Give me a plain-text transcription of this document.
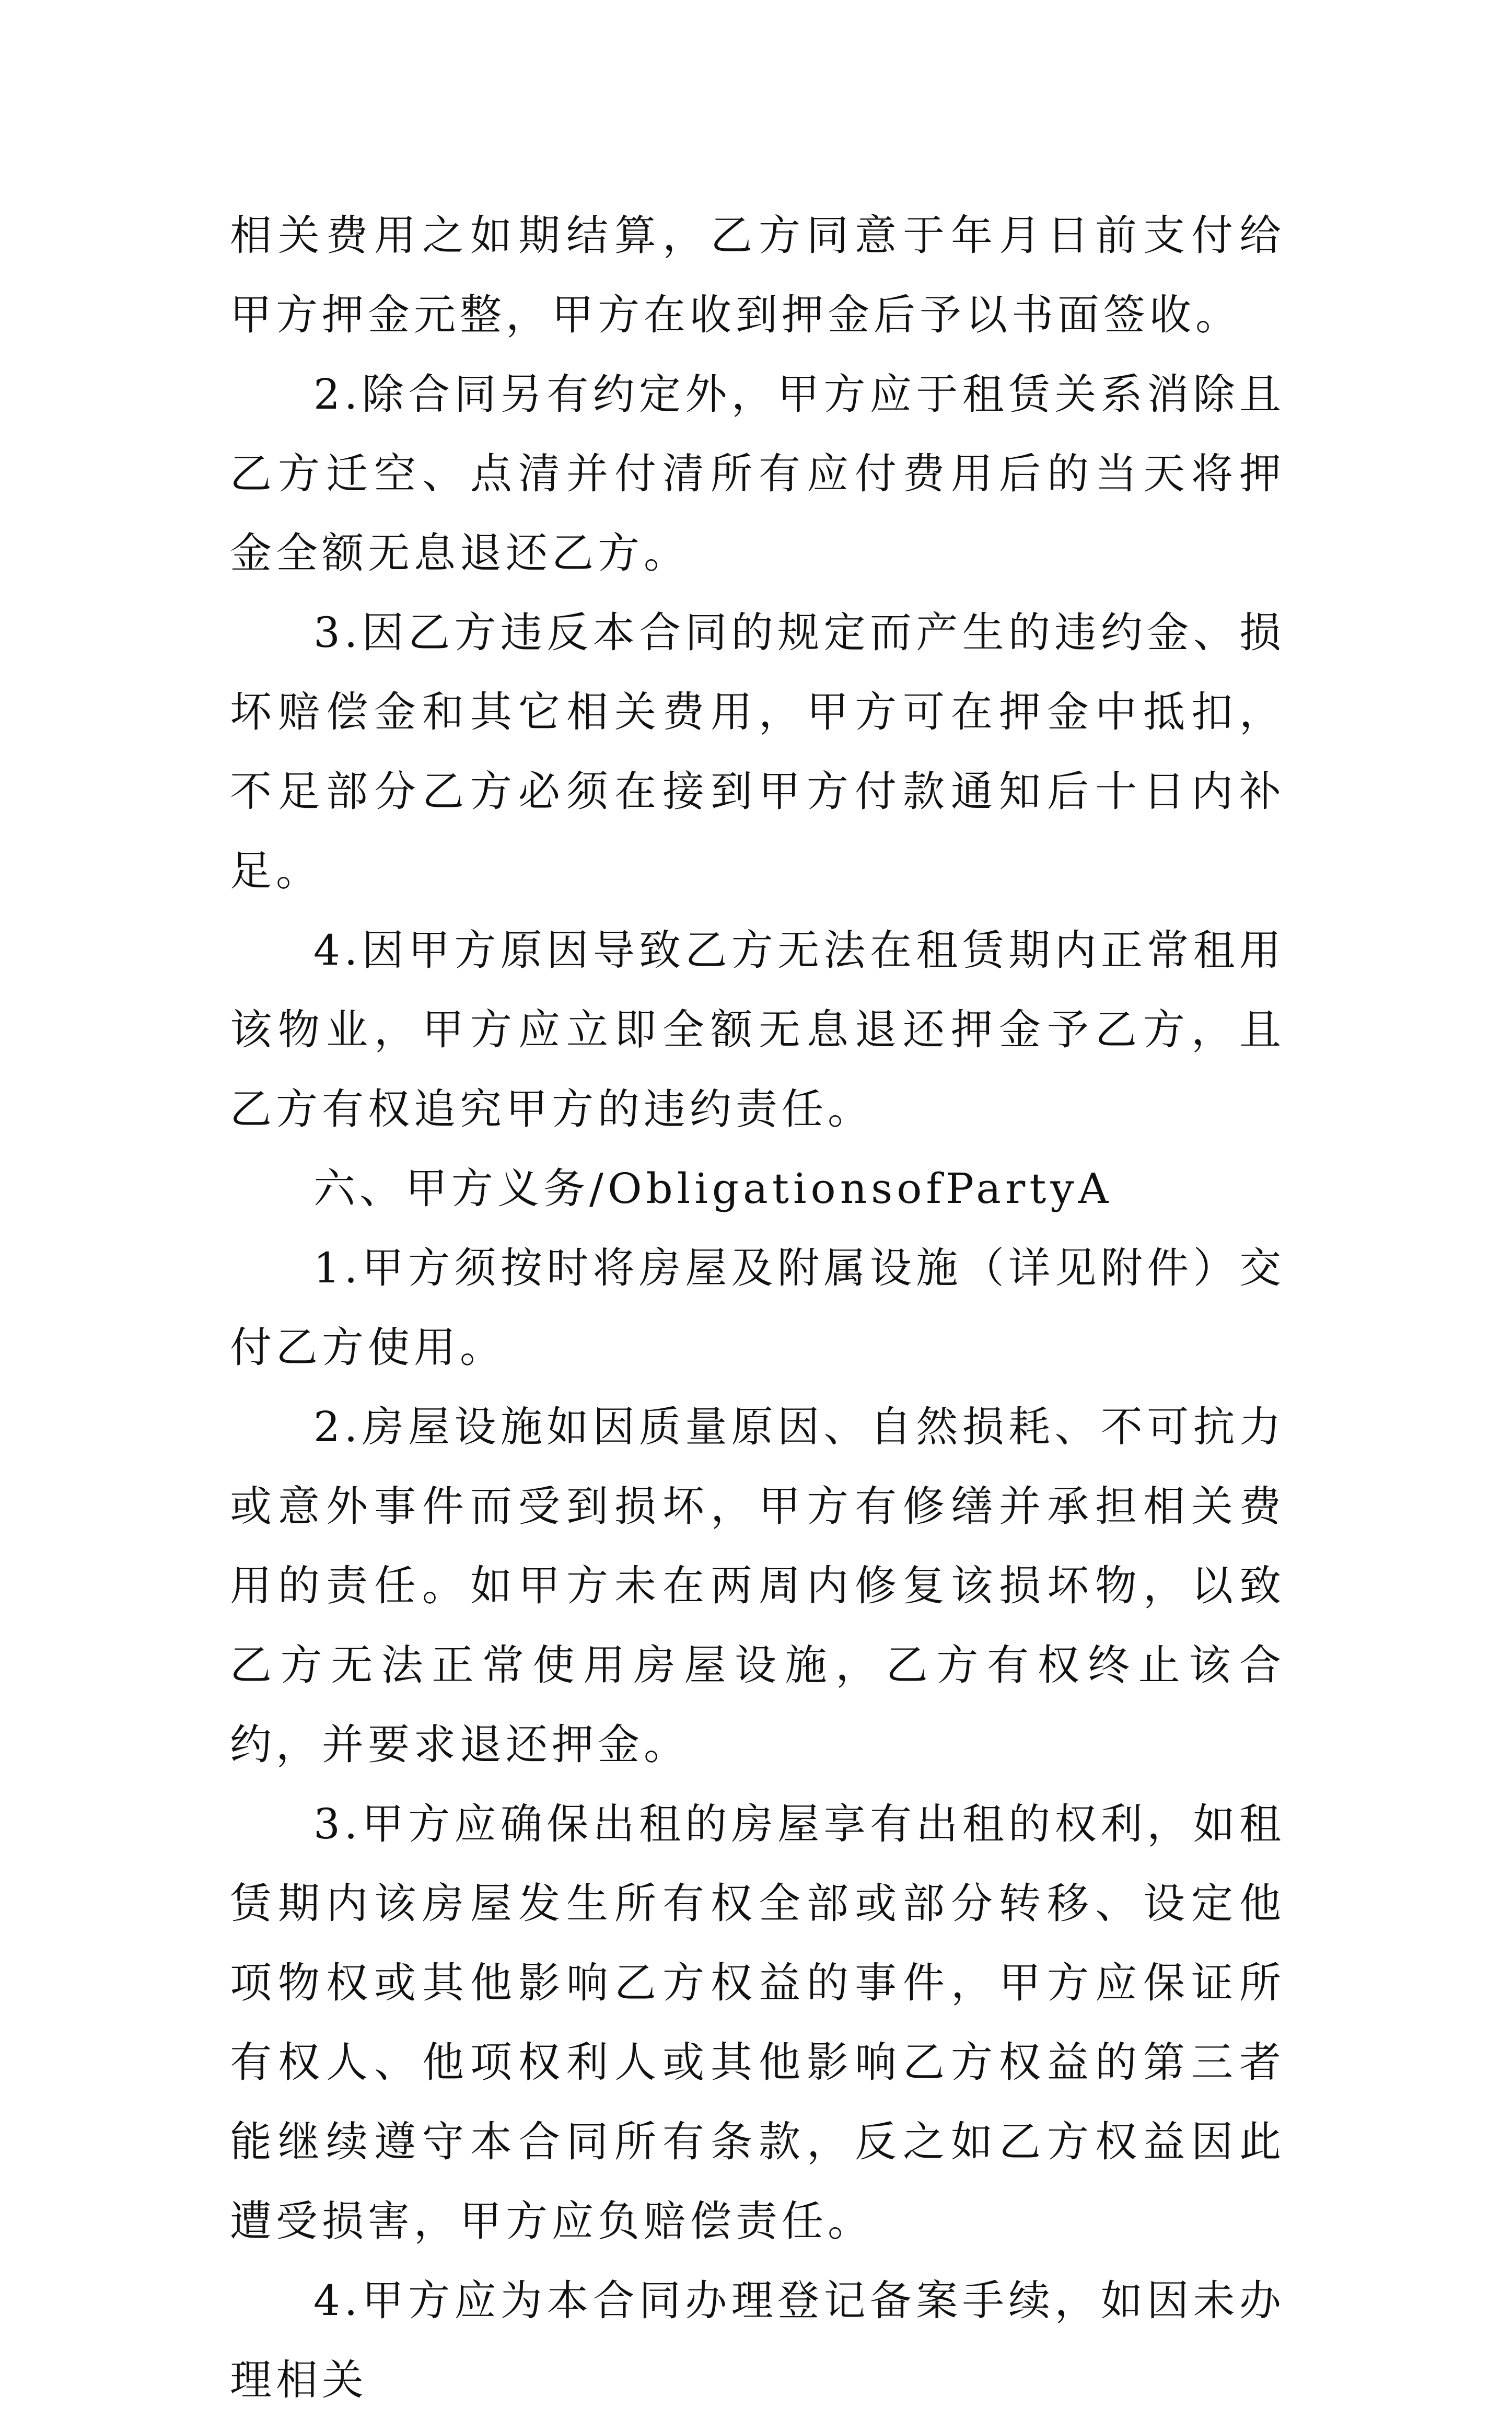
相关费用之如期结算，乙方同意于年月日前支付给甲方押金元整，甲方在收到押金后予以书面签收。

2.除合同另有约定外，甲方应于租赁关系消除且乙方迁空、点清并付清所有应付费用后的当天将押金全额无息退还乙方。

3.因乙方违反本合同的规定而产生的违约金、损坏赔偿金和其它相关费用，甲方可在押金中抵扣，不足部分乙方必须在接到甲方付款通知后十日内补足。

4.因甲方原因导致乙方无法在租赁期内正常租用该物业，甲方应立即全额无息退还押金予乙方，且乙方有权追究甲方的违约责任。

六、甲方义务/ObligationsofPartyA

1.甲方须按时将房屋及附属设施（详见附件）交付乙方使用。

2.房屋设施如因质量原因、自然损耗、不可抗力或意外事件而受到损坏，甲方有修缮并承担相关费用的责任。如甲方未在两周内修复该损坏物，以致乙方无法正常使用房屋设施，乙方有权终止该合约，并要求退还押金。

3.甲方应确保出租的房屋享有出租的权利，如租赁期内该房屋发生所有权全部或部分转移、设定他项物权或其他影响乙方权益的事件，甲方应保证所有权人、他项权利人或其他影响乙方权益的第三者能继续遵守本合同所有条款，反之如乙方权益因此遭受损害，甲方应负赔偿责任。

4.甲方应为本合同办理登记备案手续，如因未办理相关
